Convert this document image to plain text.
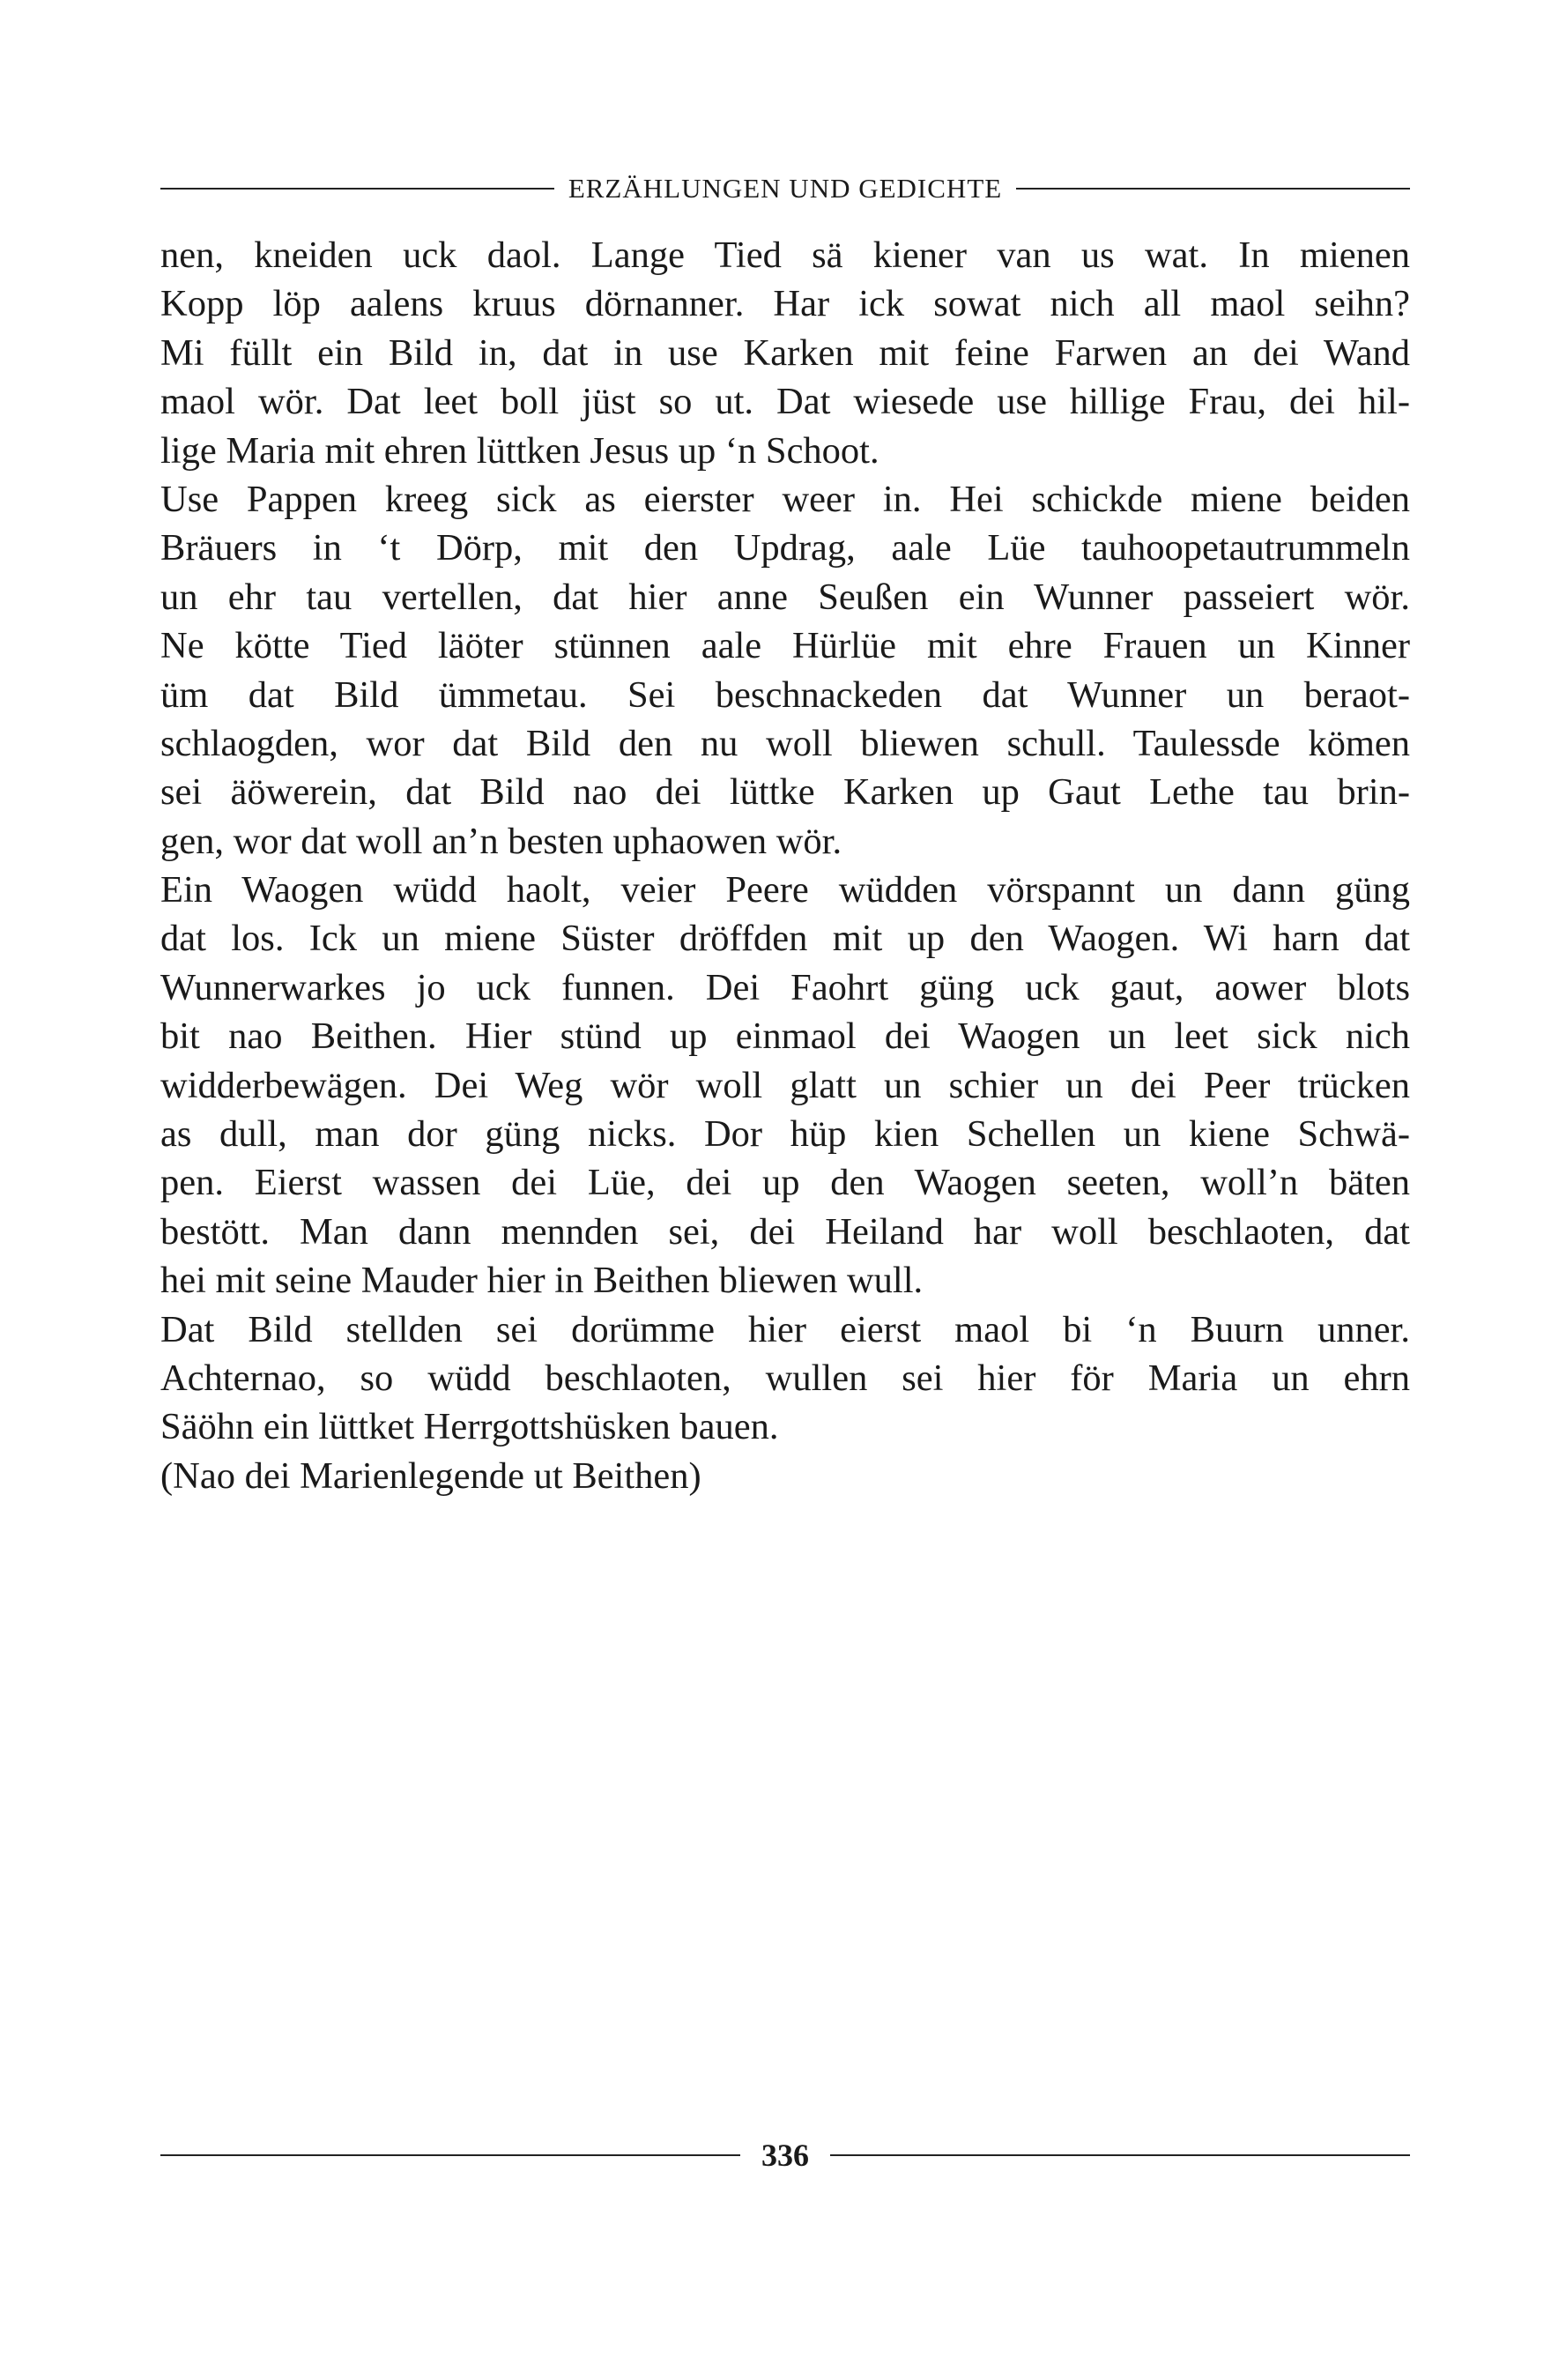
ERZÄHLUNGEN UND GEDICHTE
nen, kneiden uck daol. Lange Tied sä kiener van us wat. In mienen
Kopp löp aalens kruus dörnanner. Har ick sowat nich all maol seihn?
Mi füllt ein Bild in, dat in use Karken mit feine Farwen an dei Wand
maol wör. Dat leet boll jüst so ut. Dat wiesede use hillige Frau, dei hil-
lige Maria mit ehren lüttken Jesus up ‘n Schoot.
Use Pappen kreeg sick as eierster weer in. Hei schickde miene beiden
Bräuers in ‘t Dörp, mit den Updrag, aale Lüe tauhoopetautrummeln
un ehr tau vertellen, dat hier anne Seußen ein Wunner passeiert wör.
Ne kötte Tied läöter stünnen aale Hürlüe mit ehre Frauen un Kinner
üm dat Bild ümmetau. Sei beschnackeden dat Wunner un beraot-
schlaogden, wor dat Bild den nu woll bliewen schull. Taulessde kömen
sei äöwerein, dat Bild nao dei lüttke Karken up Gaut Lethe tau brin-
gen, wor dat woll an’n besten uphaowen wör.
Ein Waogen wüdd haolt, veier Peere wüdden vörspannt un dann güng
dat los. Ick un miene Süster dröffden mit up den Waogen. Wi harn dat
Wunnerwarkes jo uck funnen. Dei Faohrt güng uck gaut, aower blots
bit nao Beithen. Hier stünd up einmaol dei Waogen un leet sick nich
widderbewägen. Dei Weg wör woll glatt un schier un dei Peer trücken
as dull, man dor güng nicks. Dor hüp kien Schellen un kiene Schwä-
pen. Eierst wassen dei Lüe, dei up den Waogen seeten, woll’n bäten
bestött. Man dann mennden sei, dei Heiland har woll beschlaoten, dat
hei mit seine Mauder hier in Beithen bliewen wull.
Dat Bild stellden sei dorümme hier eierst maol bi ‘n Buurn unner.
Achternao, so wüdd beschlaoten, wullen sei hier för Maria un ehrn
Säöhn ein lüttket Herrgottshüsken bauen.
(Nao dei Marienlegende ut Beithen)
336
